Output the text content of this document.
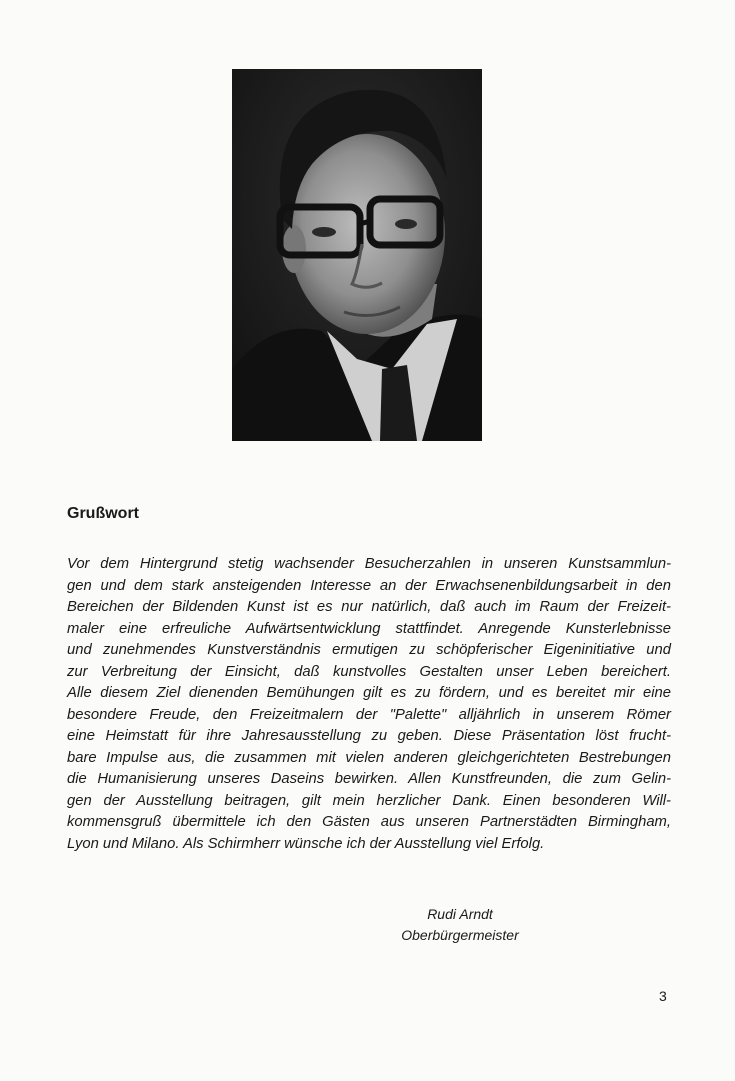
Grußwort
Vor dem Hintergrund stetig wachsender Besucherzahlen in unseren Kunstsammlun-
gen und dem stark ansteigenden Interesse an der Erwachsenenbildungsarbeit in den
Bereichen der Bildenden Kunst ist es nur natürlich, daß auch im Raum der Freizeit-
maler eine erfreuliche Aufwärtsentwicklung stattfindet. Anregende Kunsterlebnisse
und zunehmendes Kunstverständnis ermutigen zu schöpferischer Eigeninitiative und
zur Verbreitung der Einsicht, daß kunstvolles Gestalten unser Leben bereichert.
Alle diesem Ziel dienenden Bemühungen gilt es zu fördern, und es bereitet mir eine
besondere Freude, den Freizeitmalern der "Palette" alljährlich in unserem Römer
eine Heimstatt für ihre Jahresausstellung zu geben. Diese Präsentation löst frucht-
bare Impulse aus, die zusammen mit vielen anderen gleichgerichteten Bestrebungen
die Humanisierung unseres Daseins bewirken. Allen Kunstfreunden, die zum Gelin-
gen der Ausstellung beitragen, gilt mein herzlicher Dank. Einen besonderen Will-
kommensgruß übermittele ich den Gästen aus unseren Partnerstädten Birmingham,
Lyon und Milano. Als Schirmherr wünsche ich der Ausstellung viel Erfolg.
Rudi Arndt
Oberbürgermeister
3
